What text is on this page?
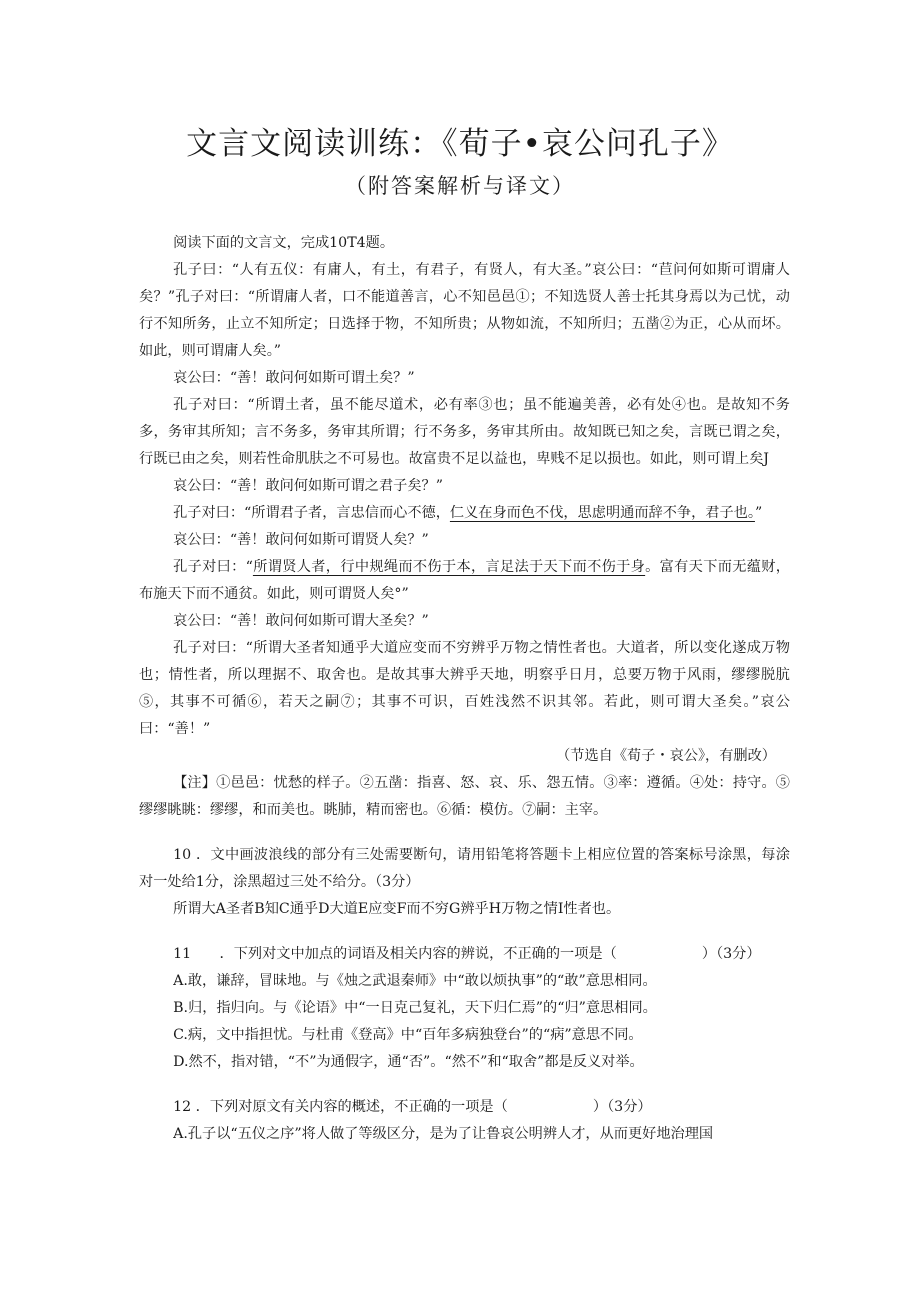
文言文阅读训练：《荀子•哀公问孔子》
（附答案解析与译文）

阅读下面的文言文，完成10T4题。

孔子曰：“人有五仪：有庸人，有土，有君子，有贤人，有大圣。”哀公曰：“苣问何如斯可谓庸人矣？”孔子对曰：“所谓庸人者，口不能道善言，心不知邑邑①；不知选贤人善士托其身焉以为己忧，动行不知所务，止立不知所定；日选择于物，不知所贵；从物如流，不知所归；五凿②为正，心从而坏。如此，则可谓庸人矣。”

哀公曰：“善！敢问何如斯可谓土矣？”

孔子对曰：“所谓土者，虽不能尽道术，必有率③也；虽不能遍美善，必有处④也。是故知不务多，务审其所知；言不务多，务审其所谓；行不务多，务审其所由。故知既已知之矣，言既已谓之矣，行既已由之矣，则若性命肌肤之不可易也。故富贵不足以益也，卑贱不足以损也。如此，则可谓上矣J

哀公曰：“善！敢问何如斯可谓之君子矣？”

孔子对曰：“所谓君子者，言忠信而心不德，仁义在身而色不伐，思虑明通而辞不争，君子也。”

哀公曰：“善！敢问何如斯可谓贤人矣？”

孔子对曰：“所谓贤人者，行中规绳而不伤于本，言足法于天下而不伤于身。富有天下而无蕴财，布施天下而不通贫。如此，则可谓贤人矣°”

哀公曰：“善！敢问何如斯可谓大圣矣？”

孔子对曰：“所谓大圣者知通乎大道应变而不穷辨乎万物之情性者也。大道者，所以变化遂成万物也；情性者，所以理据不、取舍也。是故其事大辨乎天地，明察乎日月，总要万物于风雨，缪缪脱肮⑤，其事不可循⑥，若天之嗣⑦；其事不可识，百姓浅然不识其邻。若此，则可谓大圣矣。”哀公曰：“善！”

（节选自《荀子・哀公》，有删改）

【注】①邑邑：忧愁的样子。②五凿：指喜、怒、哀、乐、怨五情。③率：遵循。④处：持守。⑤缪缪眺眺：缪缪，和而美也。眺肺，精而密也。⑥循：模仿。⑦嗣：主宰。

10 ．文中画波浪线的部分有三处需要断句，请用铅笔将答题卡上相应位置的答案标号涂黑，每涂对一处给1分，涂黑超过三处不给分。（3分）

所谓大A圣者B知C通乎D大道E应变F而不穷G辨乎H万物之情I性者也。

11　　．下列对文中加点的词语及相关内容的辨说，不正确的一项是（　　　　　　）（3分）

A.敢，谦辞，冒昧地。与《烛之武退秦师》中“敢以烦执事”的“敢”意思相同。

B.归，指归向。与《论语》中“一日克己复礼，天下归仁焉”的“归”意思相同。

C.病，文中指担忧。与杜甫《登高》中“百年多病独登台”的“病”意思不同。

D.然不，指对错，“不”为通假字，通“否”。“然不”和“取舍”都是反义对举。

12 ．下列对原文有关内容的概述，不正确的一项是（　　　　　　）（3分）

A.孔子以“五仪之序”将人做了等级区分，是为了让鲁哀公明辨人才，从而更好地治理国
